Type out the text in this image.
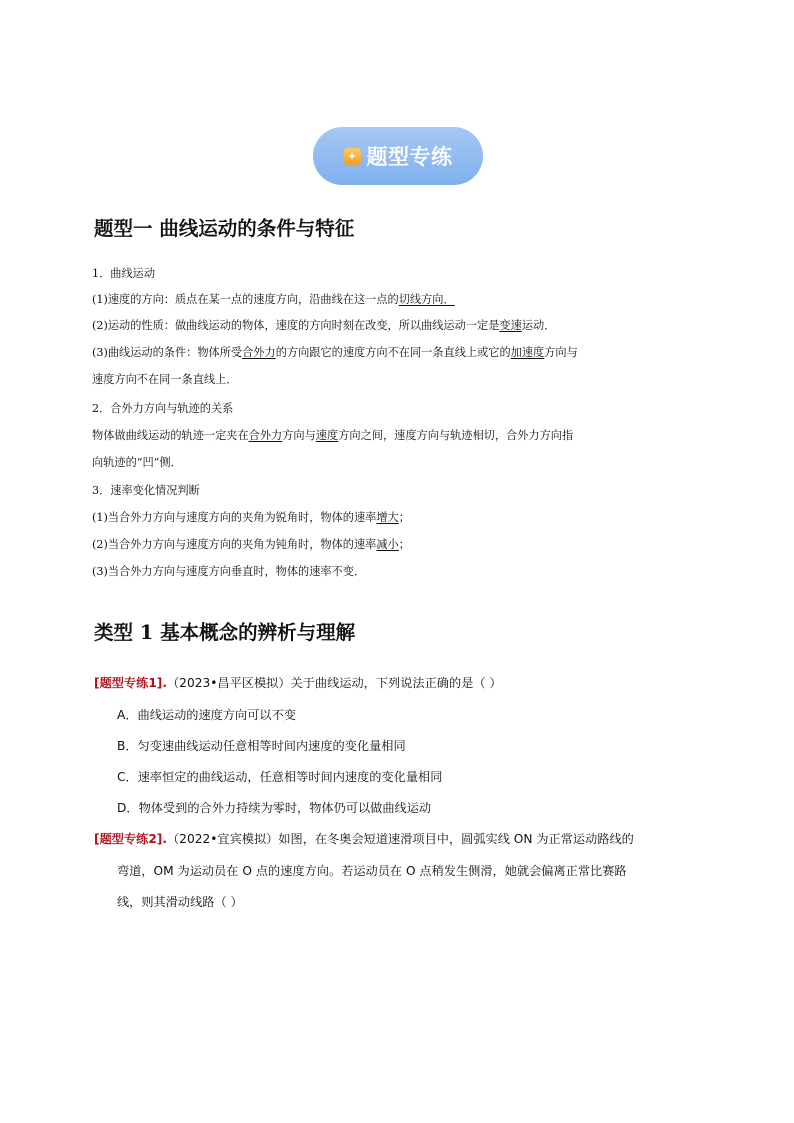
✦ 题型专练
题型一 曲线运动的条件与特征
1．曲线运动
(1)速度的方向：质点在某一点的速度方向，沿曲线在这一点的切线方向．
(2)运动的性质：做曲线运动的物体，速度的方向时刻在改变，所以曲线运动一定是变速运动．
(3)曲线运动的条件：物体所受合外力的方向跟它的速度方向不在同一条直线上或它的加速度方向与
速度方向不在同一条直线上．
2．合外力方向与轨迹的关系
物体做曲线运动的轨迹一定夹在合外力方向与速度方向之间，速度方向与轨迹相切，合外力方向指
向轨迹的“凹”侧．
3．速率变化情况判断
(1)当合外力方向与速度方向的夹角为锐角时，物体的速率增大；
(2)当合外力方向与速度方向的夹角为钝角时，物体的速率减小；
(3)当合外力方向与速度方向垂直时，物体的速率不变．
类型 1 基本概念的辨析与理解
[题型专练1].（2023•昌平区模拟）关于曲线运动，下列说法正确的是（ ）
A．曲线运动的速度方向可以不变
B．匀变速曲线运动任意相等时间内速度的变化量相同
C．速率恒定的曲线运动，任意相等时间内速度的变化量相同
D．物体受到的合外力持续为零时，物体仍可以做曲线运动
[题型专练2].（2022•宜宾模拟）如图，在冬奥会短道速滑项目中，圆弧实线 ON 为正常运动路线的
弯道，OM 为运动员在 O 点的速度方向。若运动员在 O 点稍发生侧滑，她就会偏离正常比赛路
线，则其滑动线路（ ）
